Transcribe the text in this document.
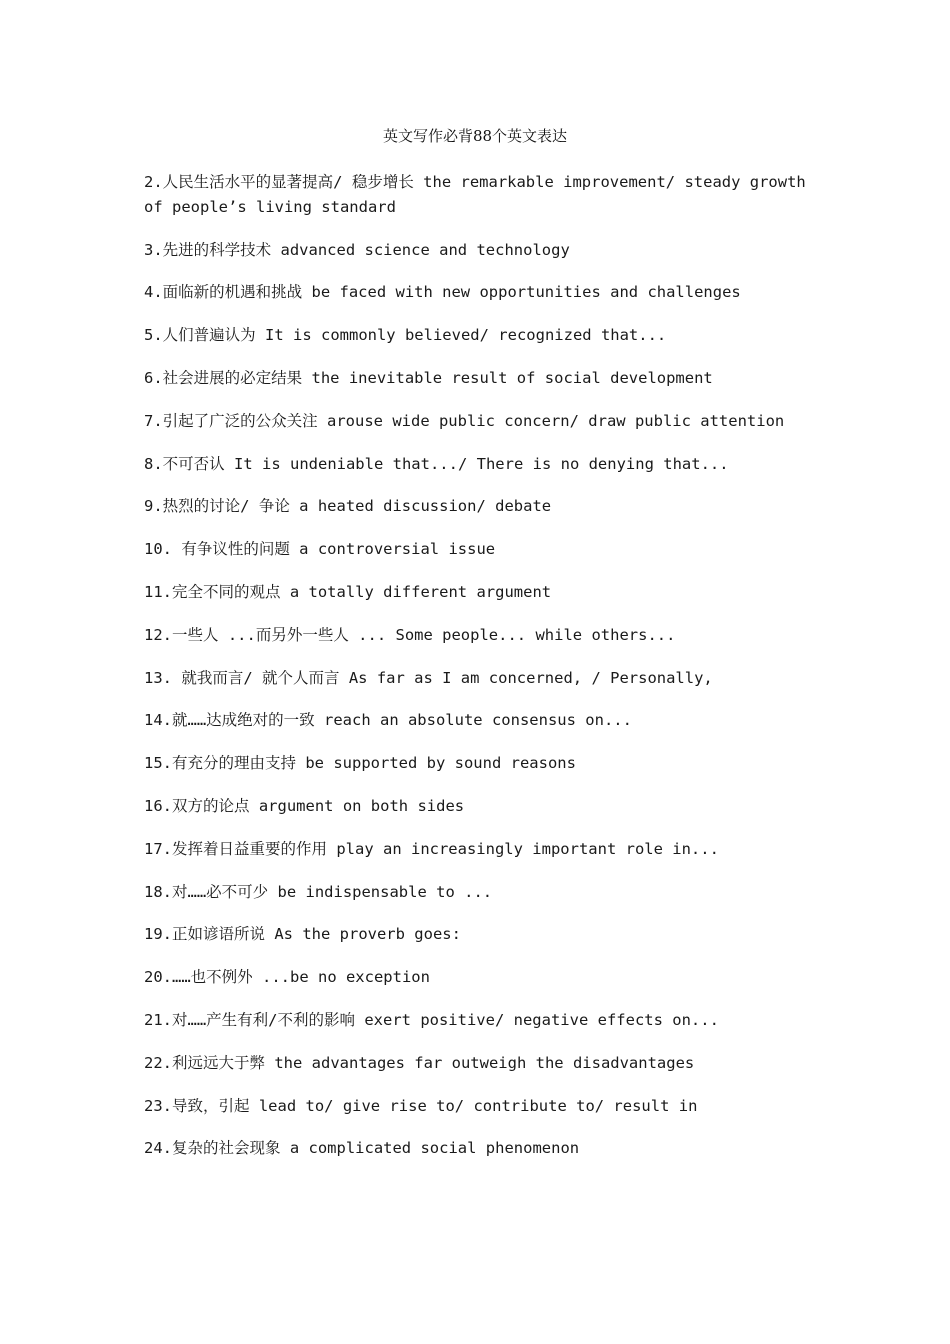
英文写作必背88个英文表达
2.人民生活水平的显著提高/ 稳步增长 the remarkable improvement/ steady growth of people’s living standard
3.先进的科学技术 advanced science and technology
4.面临新的机遇和挑战 be faced with new opportunities and challenges
5.人们普遍认为 It is commonly believed/ recognized that...
6.社会进展的必定结果 the inevitable result of social development
7.引起了广泛的公众关注 arouse wide public concern/ draw public attention
8.不可否认 It is undeniable that.../ There is no denying that...
9.热烈的讨论/ 争论 a heated discussion/ debate
10. 有争议性的问题 a controversial issue
11.完全不同的观点 a totally different argument
12.一些人 ...而另外一些人 ... Some people... while others...
13. 就我而言/ 就个人而言 As far as I am concerned, / Personally,
14.就……达成绝对的一致 reach an absolute consensus on...
15.有充分的理由支持 be supported by sound reasons
16.双方的论点 argument on both sides
17.发挥着日益重要的作用 play an increasingly important role in...
18.对……必不可少 be indispensable to ...
19.正如谚语所说 As the proverb goes:
20.……也不例外 ...be no exception
21.对……产生有利/不利的影响 exert positive/ negative effects on...
22.利远远大于弊 the advantages far outweigh the disadvantages
23.导致，引起 lead to/ give rise to/ contribute to/ result in
24.复杂的社会现象 a complicated social phenomenon
